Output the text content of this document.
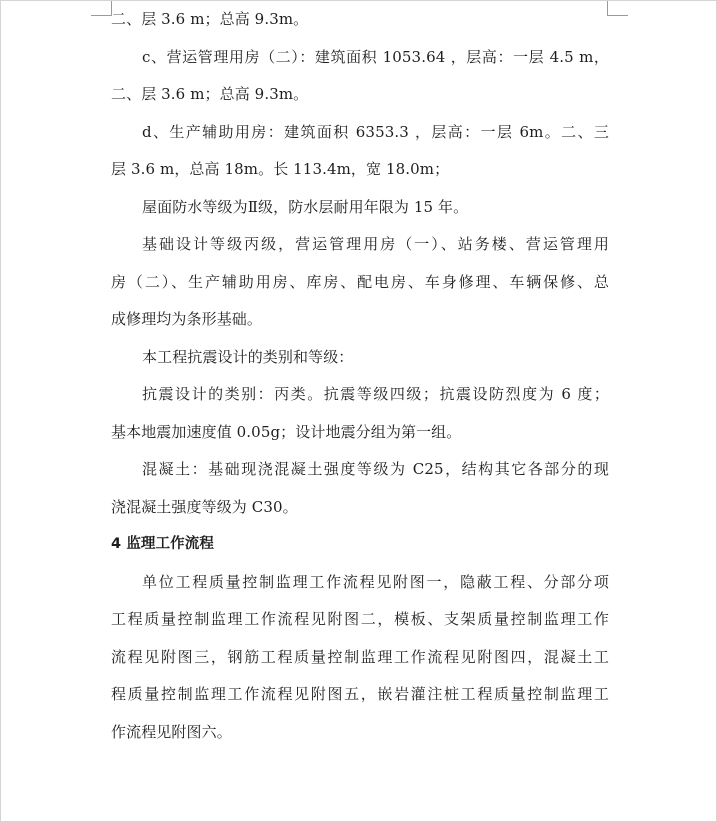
二、层 3.6 m；总高 9.3m。
c、营运管理用房（二）：建筑面积 1053.64 ，层高：一层 4.5 m，
二、层 3.6 m；总高 9.3m。
d、生产辅助用房：建筑面积 6353.3 ，层高：一层 6m。二、三
层 3.6 m，总高 18m。长 113.4m，宽 18.0m；
屋面防水等级为Ⅱ级，防水层耐用年限为 15 年。
基础设计等级丙级，营运管理用房（一）、站务楼、营运管理用
房（二）、生产辅助用房、库房、配电房、车身修理、车辆保修、总
成修理均为条形基础。
本工程抗震设计的类别和等级：
抗震设计的类别：丙类。抗震等级四级；抗震设防烈度为 6 度；
基本地震加速度值 0.05g；设计地震分组为第一组。
混凝土：基础现浇混凝土强度等级为 C25，结构其它各部分的现
浇混凝土强度等级为 C30。
4 监理工作流程
单位工程质量控制监理工作流程见附图一，隐蔽工程、分部分项
工程质量控制监理工作流程见附图二，模板、支架质量控制监理工作
流程见附图三，钢筋工程质量控制监理工作流程见附图四，混凝土工
程质量控制监理工作流程见附图五，嵌岩灌注桩工程质量控制监理工
作流程见附图六。
